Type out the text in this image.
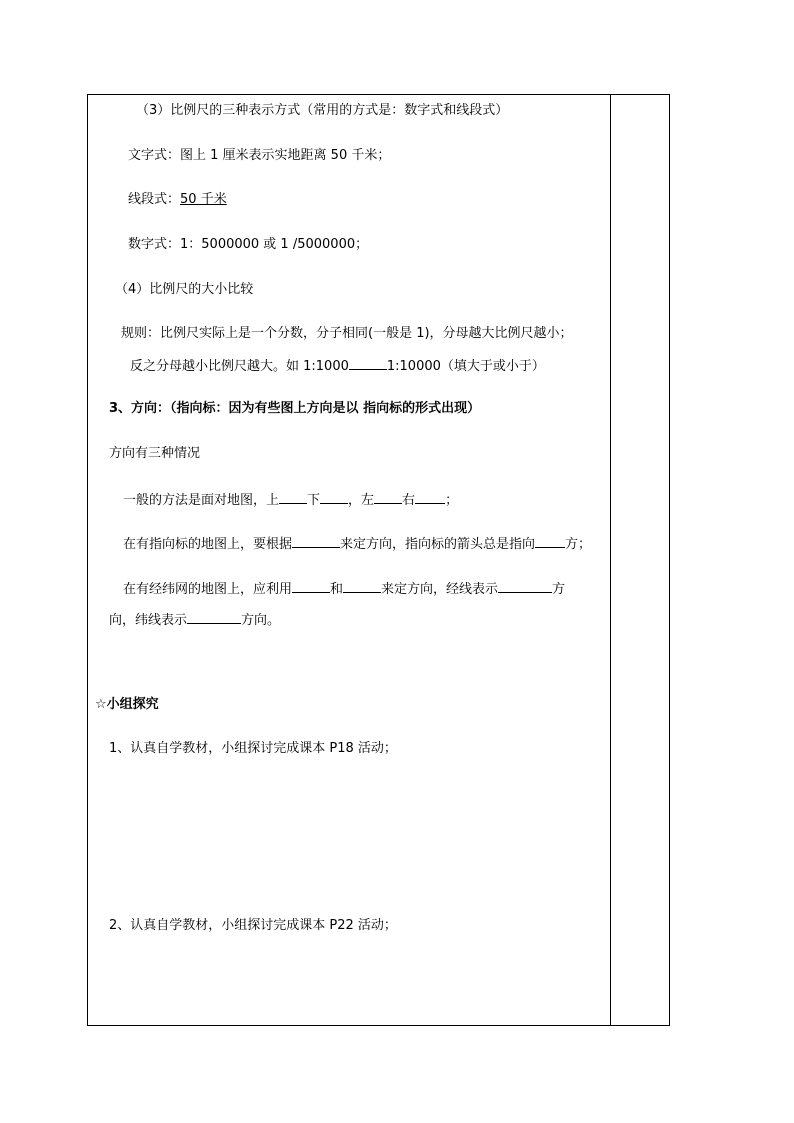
（3）比例尺的三种表示方式（常用的方式是：数字式和线段式）
文字式：图上 1 厘米表示实地距离 50 千米；
线段式：50 千米
数字式：1：5000000 或 1 /5000000；
（4）比例尺的大小比较
规则：比例尺实际上是一个分数，分子相同(一般是 1)，分母越大比例尺越小；
反之分母越小比例尺越大。如 1:1000	1:10000（填大于或小于）
3、方向：（指向标：因为有些图上方向是以 指向标的形式出现）
方向有三种情况
一般的方法是面对地图，上 下 ，左 右 ；
在有指向标的地图上，要根据	来定方向，指向标的箭头总是指向 方；
在有经纬网的地图上，应利用	和	来定方向，经线表示	方
向，纬线表示	方向。
☆小组探究
1、认真自学教材，小组探讨完成课本 P18 活动；
2、认真自学教材，小组探讨完成课本 P22 活动；
